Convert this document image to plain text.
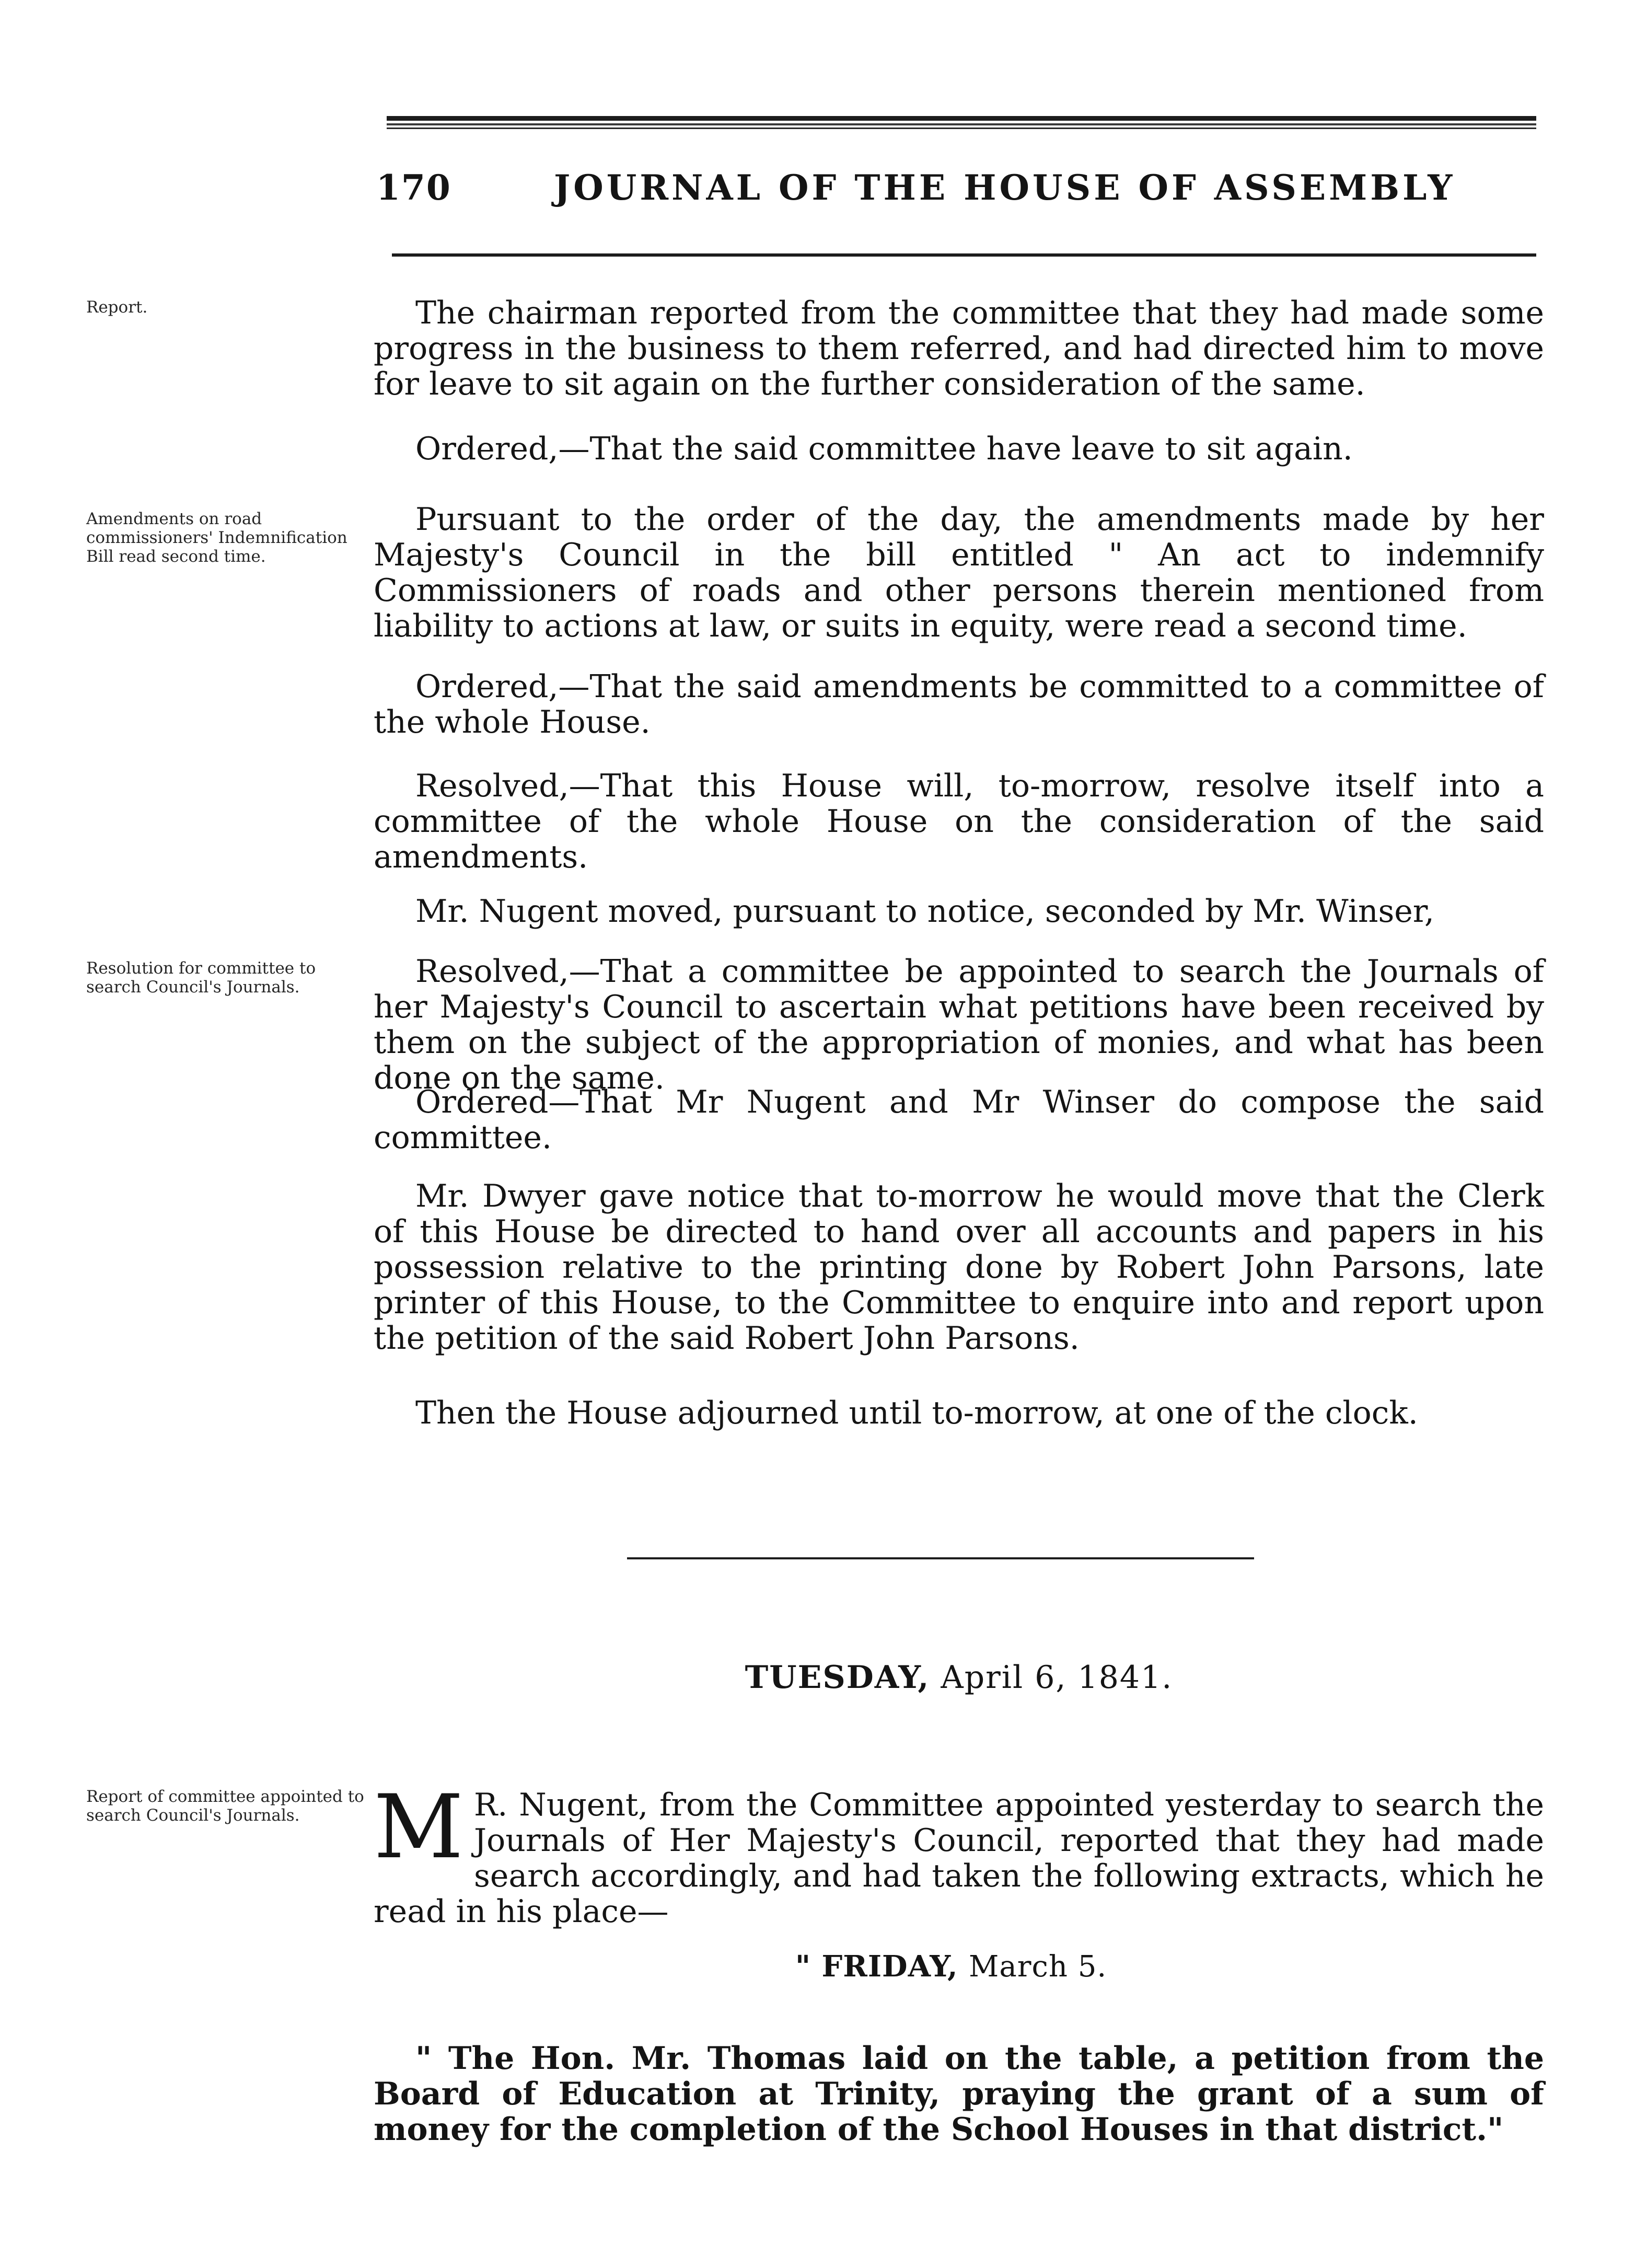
170	JOURNAL OF THE HOUSE OF ASSEMBLY
Report.	The chairman reported from the committee that they had made some progress in the business to them referred, and had directed him to move for leave to sit again on the further consideration of the same.

Ordered,—That the said committee have leave to sit again.

Amendments on road commissioners' Indemnification Bill read second time.

Pursuant to the order of the day, the amendments made by her Majesty's Council in the bill entitled " An act to indemnify Commissioners of roads and other persons therein mentioned from liability to actions at law, or suits in equity, were read a second time.

Ordered,—That the said amendments be committed to a committee of the whole House.

Resolved,—That this House will, to-morrow, resolve itself into a committee of the whole House on the consideration of the said amendments.

Mr. Nugent moved, pursuant to notice, seconded by Mr. Winser,

Resolution for committee to search Council's Journals.	Resolved,—That a committee be appointed to search the Journals of her Majesty's Council to ascertain what petitions have been received by them on the subject of the appropriation of monies, and what has been done on the same.

Ordered—That Mr Nugent and Mr Winser do compose the said committee.

Mr. Dwyer gave notice that to-morrow he would move that the Clerk of this House be directed to hand over all accounts and papers in his possession relative to the printing done by Robert John Parsons, late printer of this House, to the Committee to enquire into and report upon the petition of the said Robert John Parsons.

Then the House adjourned until to-morrow, at one of the clock.

TUESDAY, April 6, 1841.
Report of committee appointed to search Council's Journals. M R. Nugent, from the Committee appointed yesterday to search the Journals of Her Majesty's Council, reported that they had made search accordingly, and had taken the following extracts, which he read in his place—

" FRIDAY, March 5.

" The Hon. Mr. Thomas laid on the table, a petition from the Board of Education at Trinity, praying the grant of a sum of money for the completion of the School Houses in that district."
